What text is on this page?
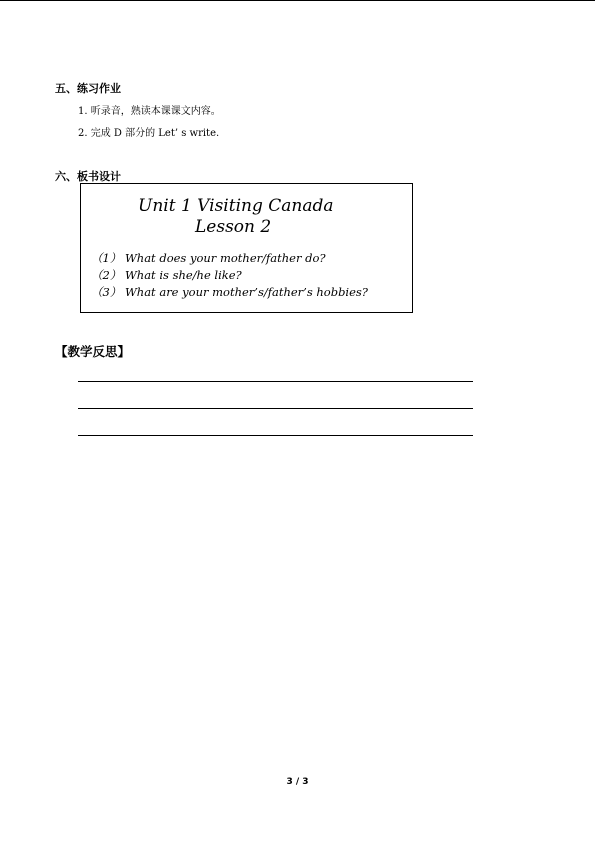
五、练习作业
1. 听录音，熟读本课课文内容。
2. 完成 D 部分的 Let’ s write.
六、板书设计
Unit 1 Visiting Canada
Lesson 2
（1） What does your mother/father do?
（2） What is she/he like?
（3） What are your mother’s/father’s hobbies?
【教学反思】
3 / 3
